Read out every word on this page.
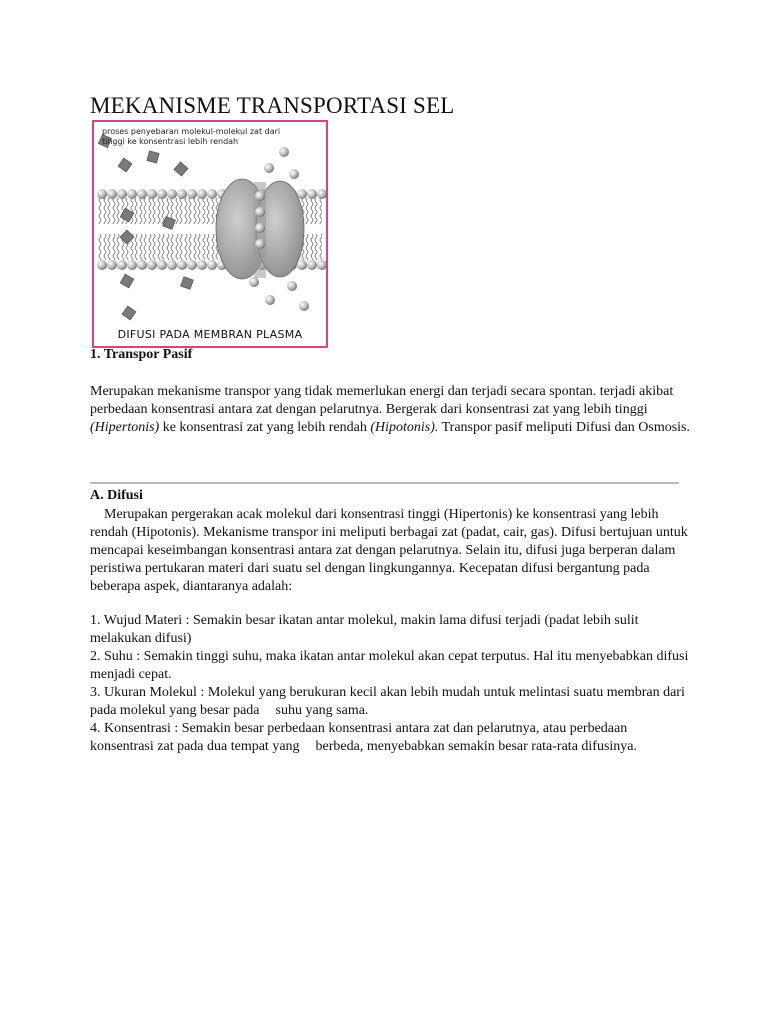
MEKANISME TRANSPORTASI SEL
proses penyebaran molekul-molekul zat dari tinggi ke konsentrasi lebih rendah
DIFUSI PADA MEMBRAN PLASMA
1. Transpor Pasif
Merupakan mekanisme transpor yang tidak memerlukan energi dan terjadi secara spontan. terjadi akibat perbedaan konsentrasi antara zat dengan pelarutnya. Bergerak dari konsentrasi zat yang lebih tinggi (Hipertonis) ke konsentrasi zat yang lebih rendah (Hipotonis). Transpor pasif meliputi Difusi dan Osmosis.
A. Difusi
Merupakan pergerakan acak molekul dari konsentrasi tinggi (Hipertonis) ke konsentrasi yang lebih rendah (Hipotonis). Mekanisme transpor ini meliputi berbagai zat (padat, cair, gas). Difusi bertujuan untuk mencapai keseimbangan konsentrasi antara zat dengan pelarutnya. Selain itu, difusi juga berperan dalam peristiwa pertukaran materi dari suatu sel dengan lingkungannya. Kecepatan difusi bergantung pada beberapa aspek, diantaranya adalah:

1. Wujud Materi : Semakin besar ikatan antar molekul, makin lama difusi terjadi (padat lebih sulit melakukan difusi)

2. Suhu : Semakin tinggi suhu, maka ikatan antar molekul akan cepat terputus. Hal itu menyebabkan difusi menjadi cepat.

3. Ukuran Molekul : Molekul yang berukuran kecil akan lebih mudah untuk melintasi suatu membran dari pada molekul yang besar pada suhu yang sama.

4. Konsentrasi : Semakin besar perbedaan konsentrasi antara zat dan pelarutnya, atau perbedaan konsentrasi zat pada dua tempat yang berbeda, menyebabkan semakin besar rata-rata difusinya.
